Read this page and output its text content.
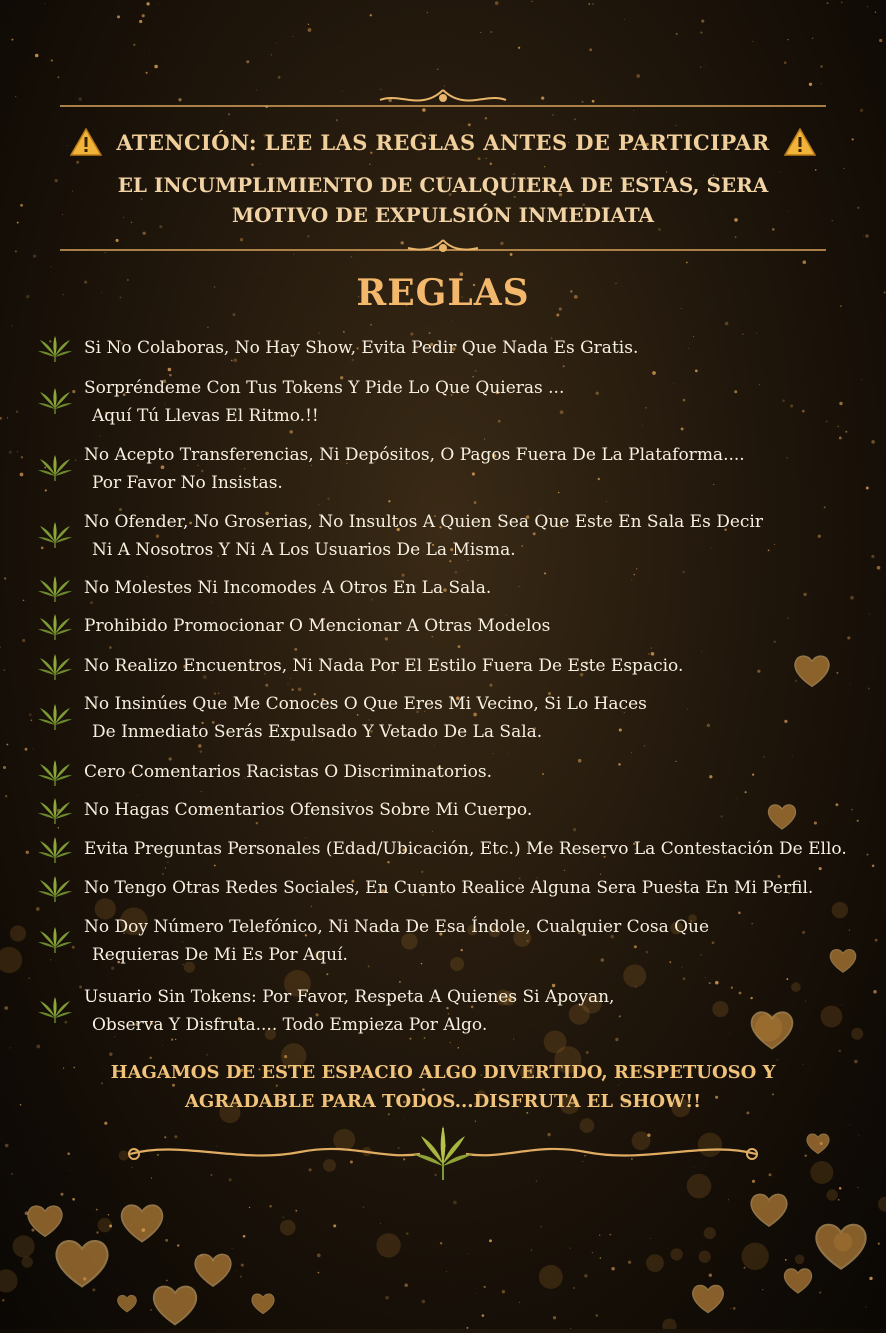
ATENCIÓN: LEE LAS REGLAS ANTES DE PARTICIPAR
EL INCUMPLIMIENTO DE CUALQUIERA DE ESTAS, SERA
MOTIVO DE EXPULSIÓN INMEDIATA
REGLAS
Si No Colaboras, No Hay Show, Evita Pedir Que Nada Es Gratis.
Sorpréndeme Con Tus Tokens Y Pide Lo Que Quieras ...
Aquí Tú Llevas El Ritmo.!!
No Acepto Transferencias, Ni Depósitos, O Pagos Fuera De La Plataforma....
Por Favor No Insistas.
No Ofender, No Groserias, No Insultos A Quien Sea Que Este En Sala Es Decir
Ni A Nosotros Y Ni A Los Usuarios De La Misma.
No Molestes Ni Incomodes A Otros En La Sala.
Prohibido Promocionar O Mencionar A Otras Modelos
No Realizo Encuentros, Ni Nada Por El Estilo Fuera De Este Espacio.
No Insinúes Que Me Conoces O Que Eres Mi Vecino, Si Lo Haces
De Inmediato Serás Expulsado Y Vetado De La Sala.
Cero Comentarios Racistas O Discriminatorios.
No Hagas Comentarios Ofensivos Sobre Mi Cuerpo.
Evita Preguntas Personales (Edad/Ubicación, Etc.) Me Reservo La Contestación De Ello.
No Tengo Otras Redes Sociales, En Cuanto Realice Alguna Sera Puesta En Mi Perfil.
No Doy Número Telefónico, Ni Nada De Esa Índole, Cualquier Cosa Que
Requieras De Mi Es Por Aquí.
Usuario Sin Tokens: Por Favor, Respeta A Quienes Si Apoyan,
Observa Y Disfruta.... Todo Empieza Por Algo.
HAGAMOS DE ESTE ESPACIO ALGO DIVERTIDO, RESPETUOSO Y
AGRADABLE PARA TODOS...DISFRUTA EL SHOW!!
